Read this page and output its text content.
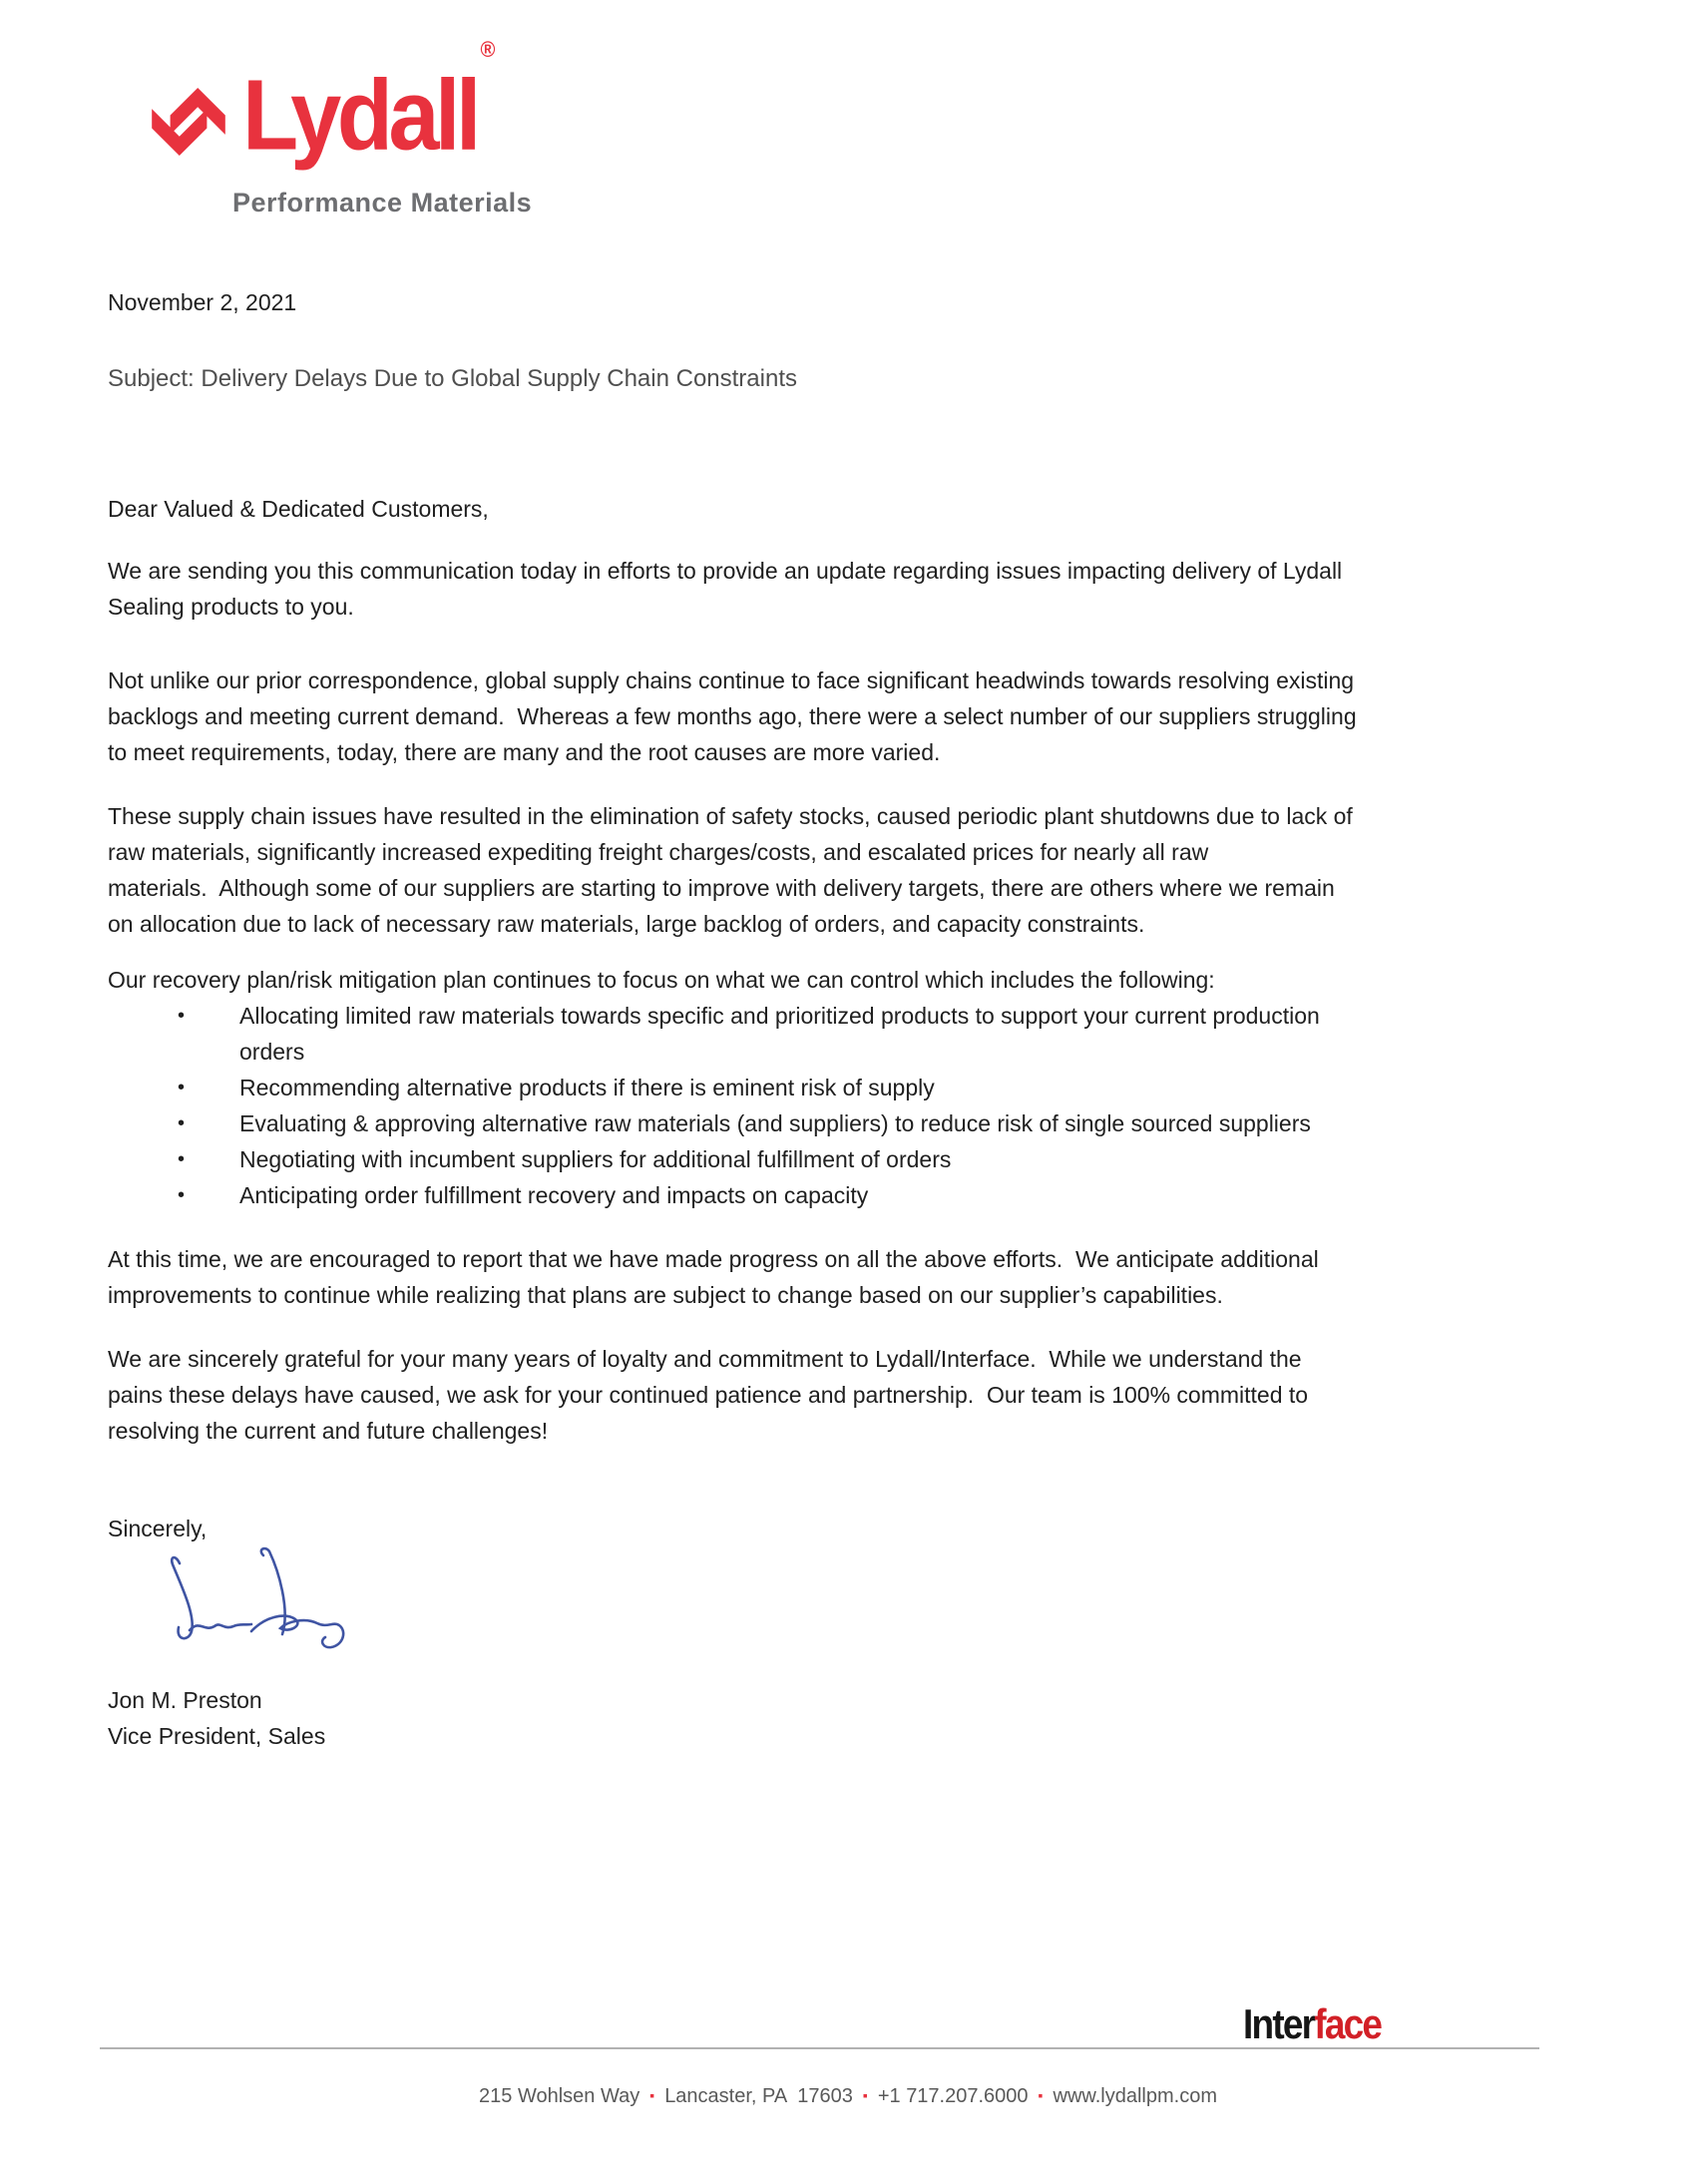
Lydall®
Performance Materials
November 2, 2021
Subject: Delivery Delays Due to Global Supply Chain Constraints
Dear Valued & Dedicated Customers,
We are sending you this communication today in efforts to provide an update regarding issues impacting delivery of Lydall
Sealing products to you.
Not unlike our prior correspondence, global supply chains continue to face significant headwinds towards resolving existing
backlogs and meeting current demand.  Whereas a few months ago, there were a select number of our suppliers struggling
to meet requirements, today, there are many and the root causes are more varied.
These supply chain issues have resulted in the elimination of safety stocks, caused periodic plant shutdowns due to lack of
raw materials, significantly increased expediting freight charges/costs, and escalated prices for nearly all raw
materials.  Although some of our suppliers are starting to improve with delivery targets, there are others where we remain
on allocation due to lack of necessary raw materials, large backlog of orders, and capacity constraints.
Our recovery plan/risk mitigation plan continues to focus on what we can control which includes the following:
•	Allocating limited raw materials towards specific and prioritized products to support your current production
orders
•	Recommending alternative products if there is eminent risk of supply
•	Evaluating & approving alternative raw materials (and suppliers) to reduce risk of single sourced suppliers
•	Negotiating with incumbent suppliers for additional fulfillment of orders
•	Anticipating order fulfillment recovery and impacts on capacity
At this time, we are encouraged to report that we have made progress on all the above efforts.  We anticipate additional
improvements to continue while realizing that plans are subject to change based on our supplier’s capabilities.
We are sincerely grateful for your many years of loyalty and commitment to Lydall/Interface.  While we understand the
pains these delays have caused, we ask for your continued patience and partnership.  Our team is 100% committed to
resolving the current and future challenges!
Sincerely,
Jon M. Preston
Vice President, Sales
Interface
215 Wohlsen Way ▪ Lancaster, PA  17603 ▪ +1 717.207.6000 ▪ www.lydallpm.com
